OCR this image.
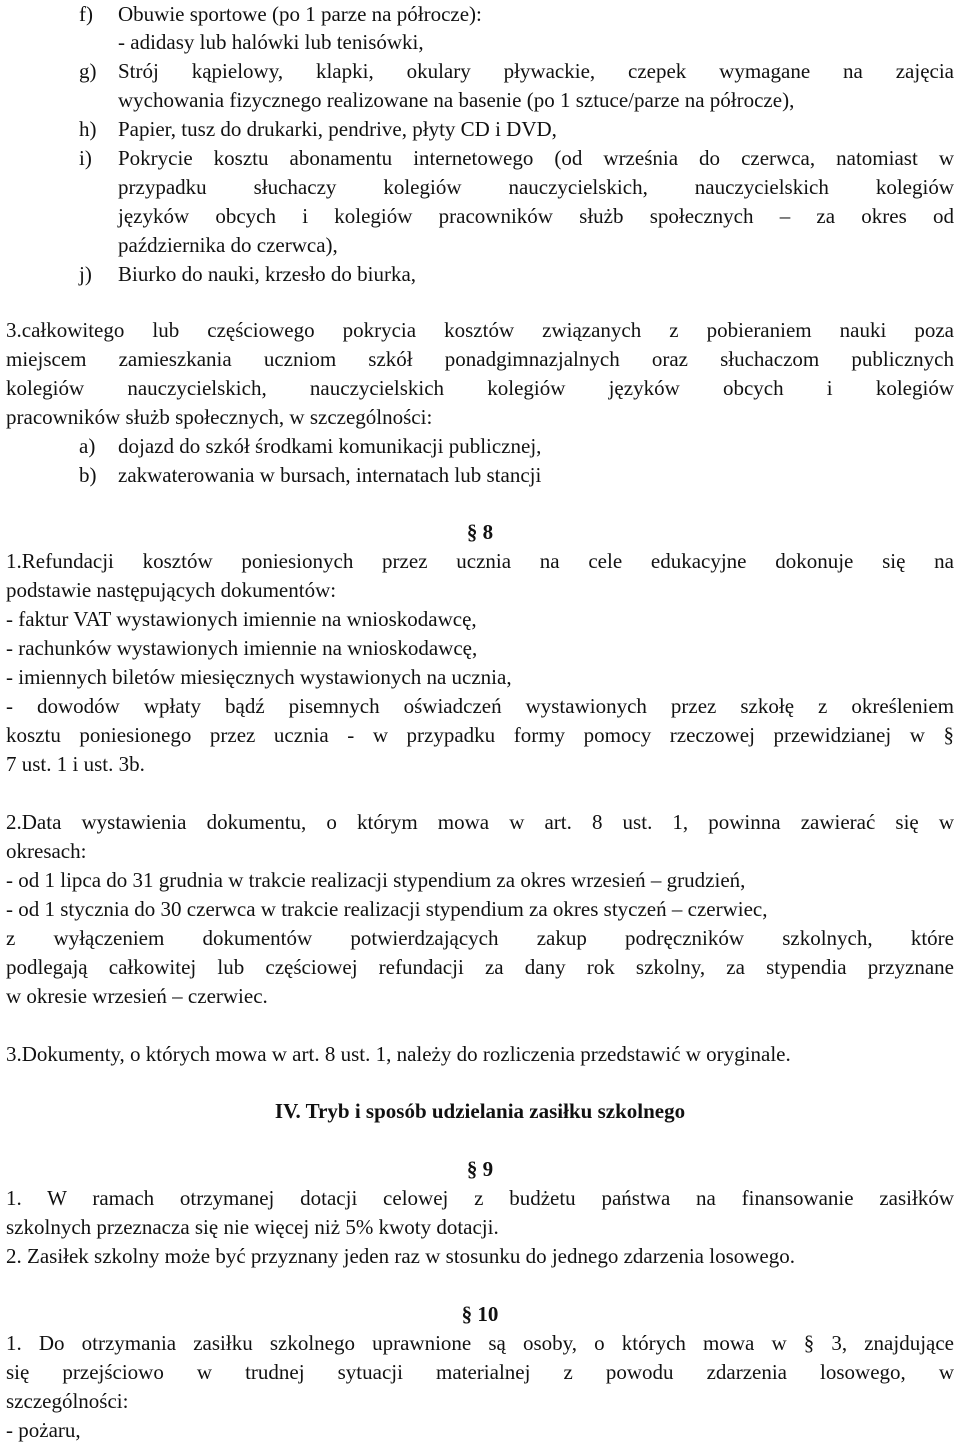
f) Obuwie sportowe (po 1 parze na półrocze):
- adidasy lub halówki lub tenisówki,
g) Strój kąpielowy, klapki, okulary pływackie, czepek wymagane na zajęcia
wychowania fizycznego realizowane na basenie (po 1 sztuce/parze na półrocze),
h) Papier, tusz do drukarki, pendrive, płyty CD i DVD,
i) Pokrycie kosztu abonamentu internetowego (od września do czerwca, natomiast w
przypadku słuchaczy kolegiów nauczycielskich, nauczycielskich kolegiów
języków obcych i kolegiów pracowników służb społecznych – za okres od
października do czerwca),
j) Biurko do nauki, krzesło do biurka,
3.całkowitego lub częściowego pokrycia kosztów związanych z pobieraniem nauki poza
miejscem zamieszkania uczniom szkół ponadgimnazjalnych oraz słuchaczom publicznych
kolegiów nauczycielskich, nauczycielskich kolegiów języków obcych i kolegiów
pracowników służb społecznych, w szczególności:
a) dojazd do szkół środkami komunikacji publicznej,
b) zakwaterowania w bursach, internatach lub stancji
§ 8
1.Refundacji kosztów poniesionych przez ucznia na cele edukacyjne dokonuje się na
podstawie następujących dokumentów:
- faktur VAT wystawionych imiennie na wnioskodawcę,
- rachunków wystawionych imiennie na wnioskodawcę,
- imiennych biletów miesięcznych wystawionych na ucznia,
- dowodów wpłaty bądź pisemnych oświadczeń wystawionych przez szkołę z określeniem
kosztu poniesionego przez ucznia - w przypadku formy pomocy rzeczowej przewidzianej w §
7 ust. 1 i ust. 3b.
2.Data wystawienia dokumentu, o którym mowa w art. 8 ust. 1, powinna zawierać się w
okresach:
- od 1 lipca do 31 grudnia w trakcie realizacji stypendium za okres wrzesień – grudzień,
- od 1 stycznia do 30 czerwca w trakcie realizacji stypendium za okres styczeń – czerwiec,
z wyłączeniem dokumentów potwierdzających zakup podręczników szkolnych, które
podlegają całkowitej lub częściowej refundacji za dany rok szkolny, za stypendia przyznane
w okresie wrzesień – czerwiec.
3.Dokumenty, o których mowa w art. 8 ust. 1, należy do rozliczenia przedstawić w oryginale.
IV. Tryb i sposób udzielania zasiłku szkolnego
§ 9
1. W ramach otrzymanej dotacji celowej z budżetu państwa na finansowanie zasiłków
szkolnych przeznacza się nie więcej niż 5% kwoty dotacji.
2. Zasiłek szkolny może być przyznany jeden raz w stosunku do jednego zdarzenia losowego.
§ 10
1. Do otrzymania zasiłku szkolnego uprawnione są osoby, o których mowa w § 3, znajdujące
się przejściowo w trudnej sytuacji materialnej z powodu zdarzenia losowego, w
szczególności:
- pożaru,
